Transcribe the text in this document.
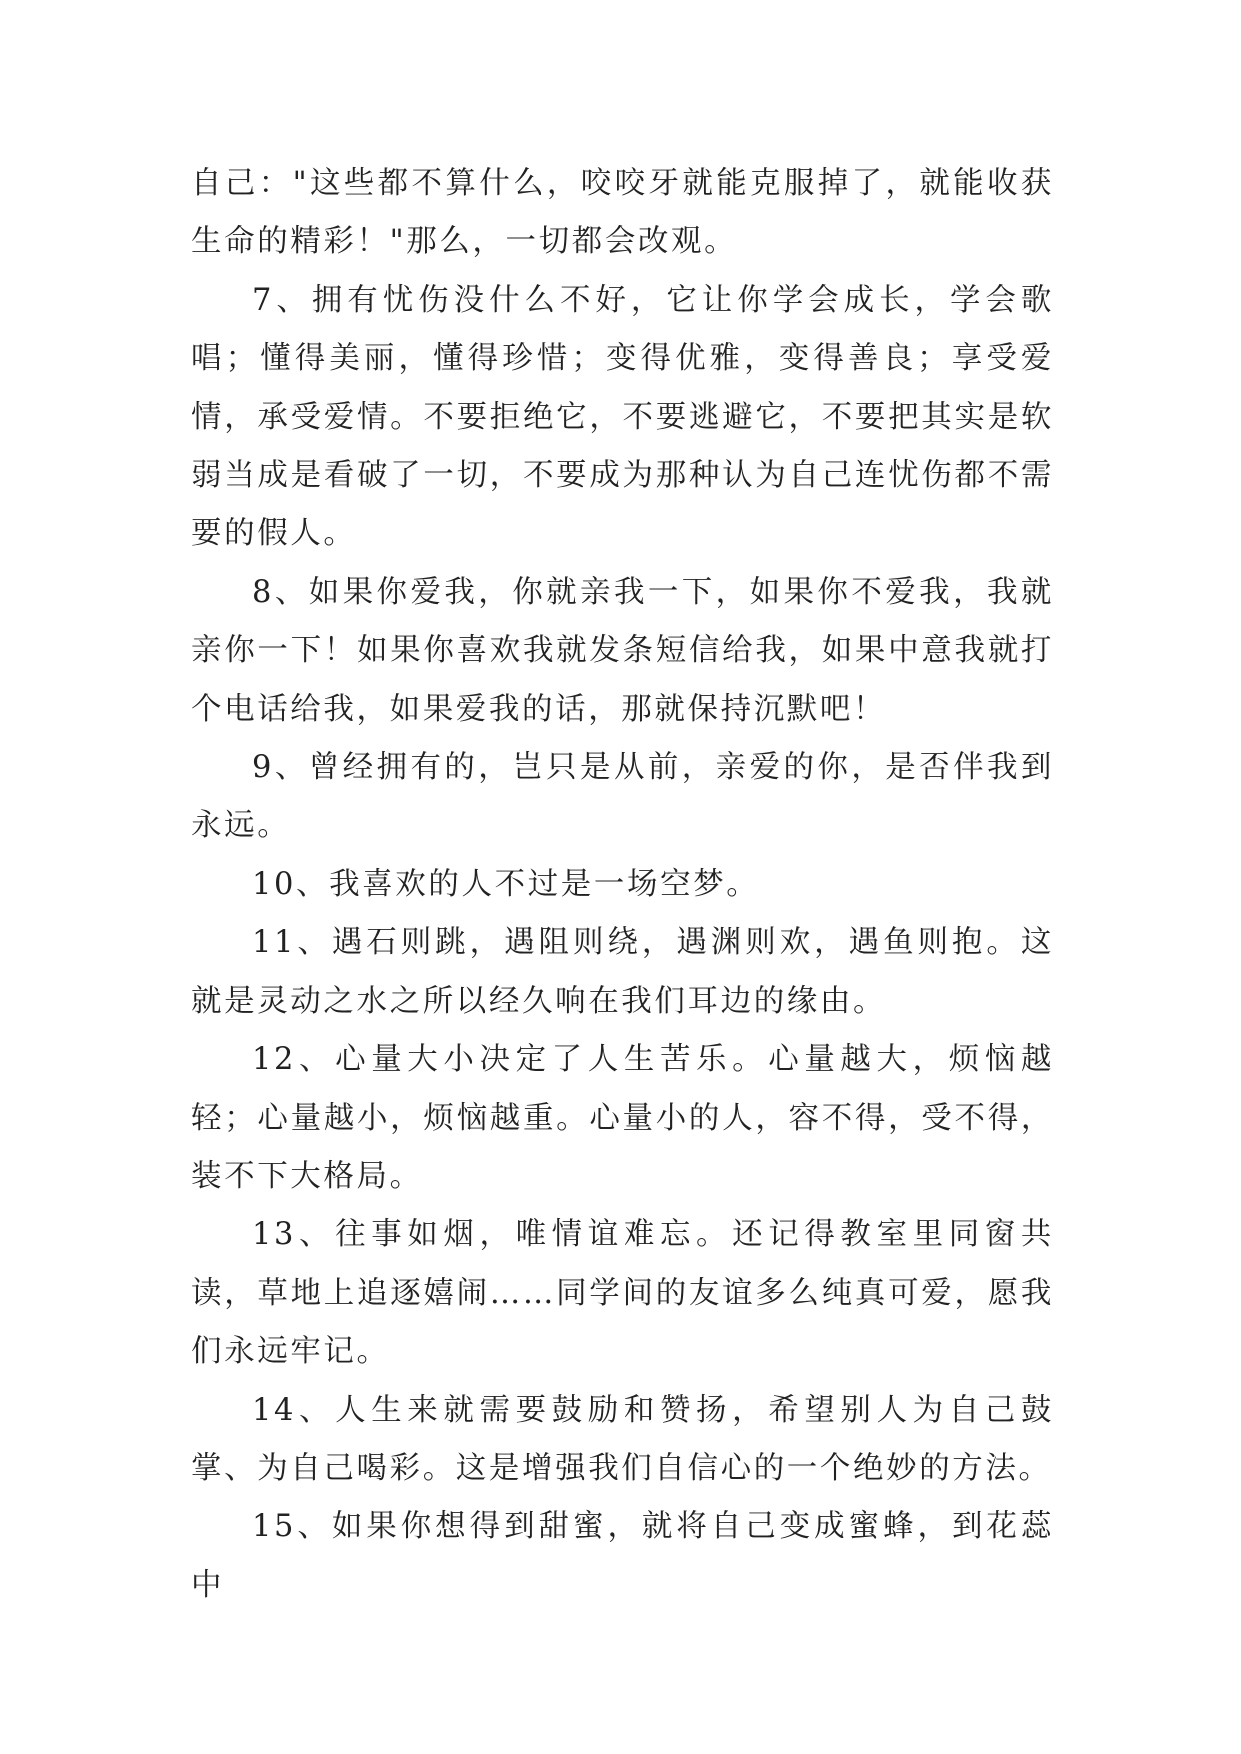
自己："这些都不算什么，咬咬牙就能克服掉了，就能收获生命的精彩！"那么，一切都会改观。

7、拥有忧伤没什么不好，它让你学会成长，学会歌唱；懂得美丽，懂得珍惜；变得优雅，变得善良；享受爱情，承受爱情。不要拒绝它，不要逃避它，不要把其实是软弱当成是看破了一切，不要成为那种认为自己连忧伤都不需要的假人。

8、如果你爱我，你就亲我一下，如果你不爱我，我就亲你一下！如果你喜欢我就发条短信给我，如果中意我就打个电话给我，如果爱我的话，那就保持沉默吧！

9、曾经拥有的，岂只是从前，亲爱的你，是否伴我到永远。

10、我喜欢的人不过是一场空梦。

11、遇石则跳，遇阻则绕，遇渊则欢，遇鱼则抱。这就是灵动之水之所以经久响在我们耳边的缘由。

12、心量大小决定了人生苦乐。心量越大，烦恼越轻；心量越小，烦恼越重。心量小的人，容不得，受不得，装不下大格局。

13、往事如烟，唯情谊难忘。还记得教室里同窗共读，草地上追逐嬉闹……同学间的友谊多么纯真可爱，愿我们永远牢记。

14、人生来就需要鼓励和赞扬，希望别人为自己鼓掌、为自己喝彩。这是增强我们自信心的一个绝妙的方法。

15、如果你想得到甜蜜，就将自己变成蜜蜂，到花蕊中
